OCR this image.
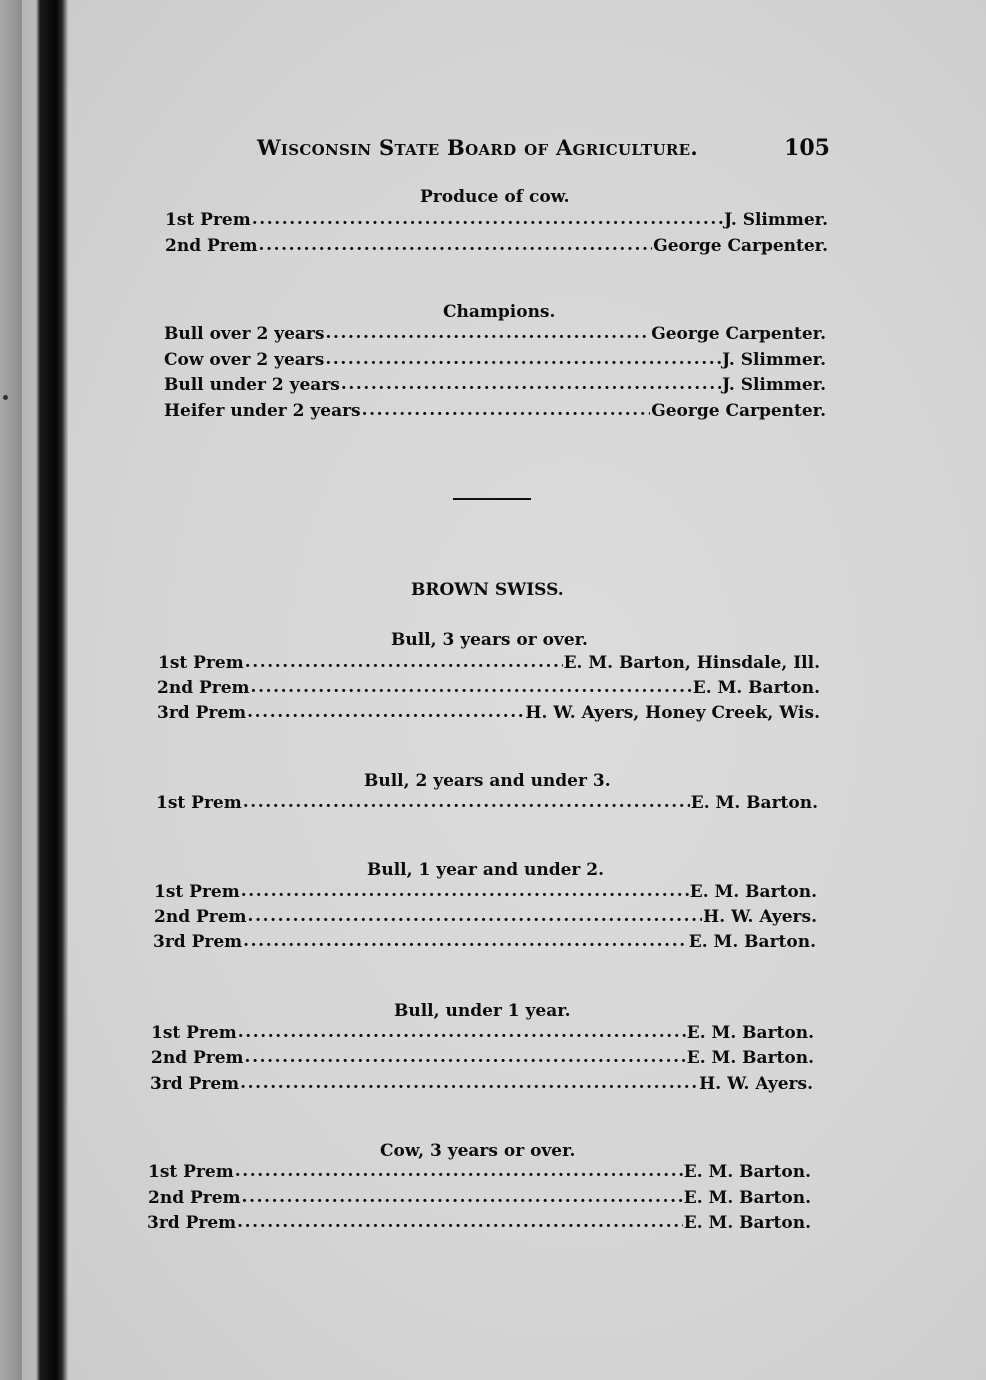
Wisconsin State Board of Agriculture.	105
Produce of cow.
1st Prem .....	J. Slimmer.
2nd Prem .....	George Carpenter.
Champions.
Bull over 2 years .....	George Carpenter.
Cow over 2 years .....	J. Slimmer.
Bull under 2 years .....	J. Slimmer.
Heifer under 2 years .....	George Carpenter.
BROWN SWISS.
Bull, 3 years or over.
1st Prem .....	E. M. Barton, Hinsdale, Ill.
2nd Prem .....	E. M. Barton.
3rd Prem .....	H. W. Ayers, Honey Creek, Wis.
Bull, 2 years and under 3.
1st Prem .....	E. M. Barton.
Bull, 1 year and under 2.
1st Prem .....	E. M. Barton.
2nd Prem .....	H. W. Ayers.
3rd Prem .....	E. M. Barton.
Bull, under 1 year.
1st Prem .....	E. M. Barton.
2nd Prem .....	E. M. Barton.
3rd Prem .....	H. W. Ayers.
Cow, 3 years or over.
1st Prem .....	E. M. Barton.
2nd Prem .....	E. M. Barton.
3rd Prem .....	E. M. Barton.
